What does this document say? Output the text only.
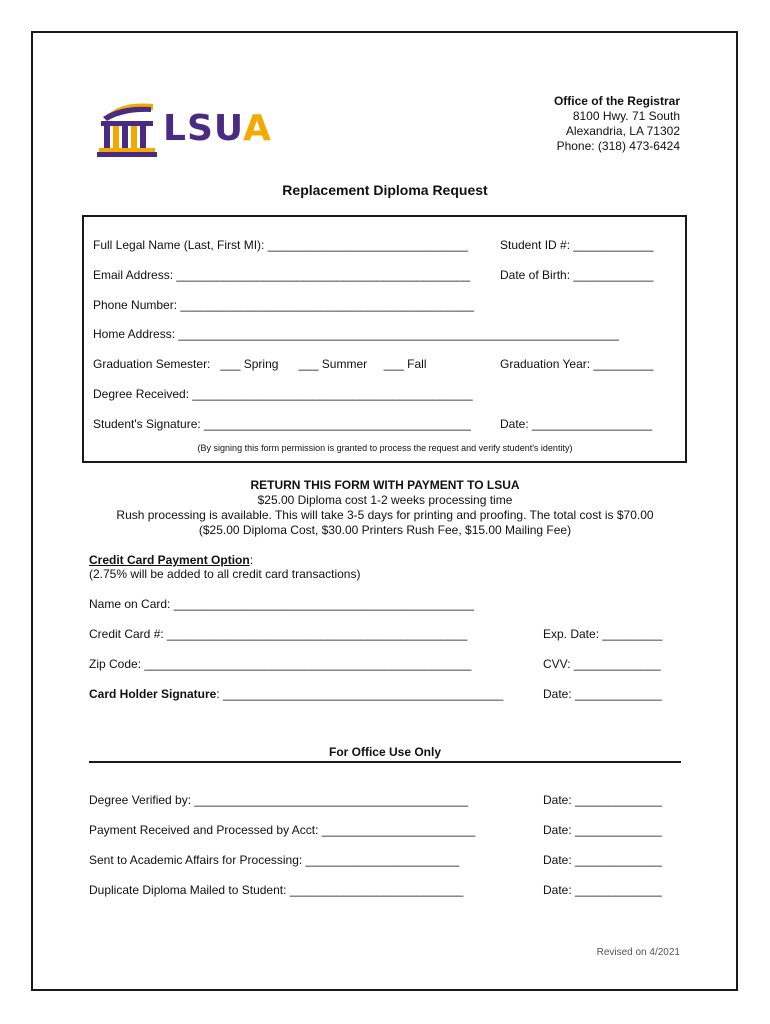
LSUA
Office of the Registrar
8100 Hwy. 71 South
Alexandria, LA 71302
Phone: (318) 473-6424
Replacement Diploma Request
Full Legal Name (Last, First MI): ______________________________	Student ID #: ____________
Email Address: ____________________________________________ Date of Birth: ____________
Phone Number: ____________________________________________
Home Address: __________________________________________________________________
Graduation Semester:   ___ Spring      ___ Summer     ___ Fall	Graduation Year: _________
Degree Received: __________________________________________
Student's Signature: ________________________________________ Date: __________________
(By signing this form permission is granted to process the request and verify student's identity)
RETURN THIS FORM WITH PAYMENT TO LSUA
$25.00 Diploma cost 1-2 weeks processing time
Rush processing is available. This will take 3-5 days for printing and proofing. The total cost is $70.00
($25.00 Diploma Cost, $30.00 Printers Rush Fee, $15.00 Mailing Fee)
Credit Card Payment Option:
(2.75% will be added to all credit card transactions)
Name on Card: _____________________________________________
Credit Card #: _____________________________________________	Exp. Date: _________
Zip Code: _________________________________________________	CVV: _____________
Card Holder Signature: __________________________________________	Date: _____________
For Office Use Only
Degree Verified by: _________________________________________	Date: _____________
Payment Received and Processed by Acct: _______________________	Date: _____________
Sent to Academic Affairs for Processing: _______________________	Date: _____________
Duplicate Diploma Mailed to Student: __________________________	Date: _____________
Revised on 4/2021
